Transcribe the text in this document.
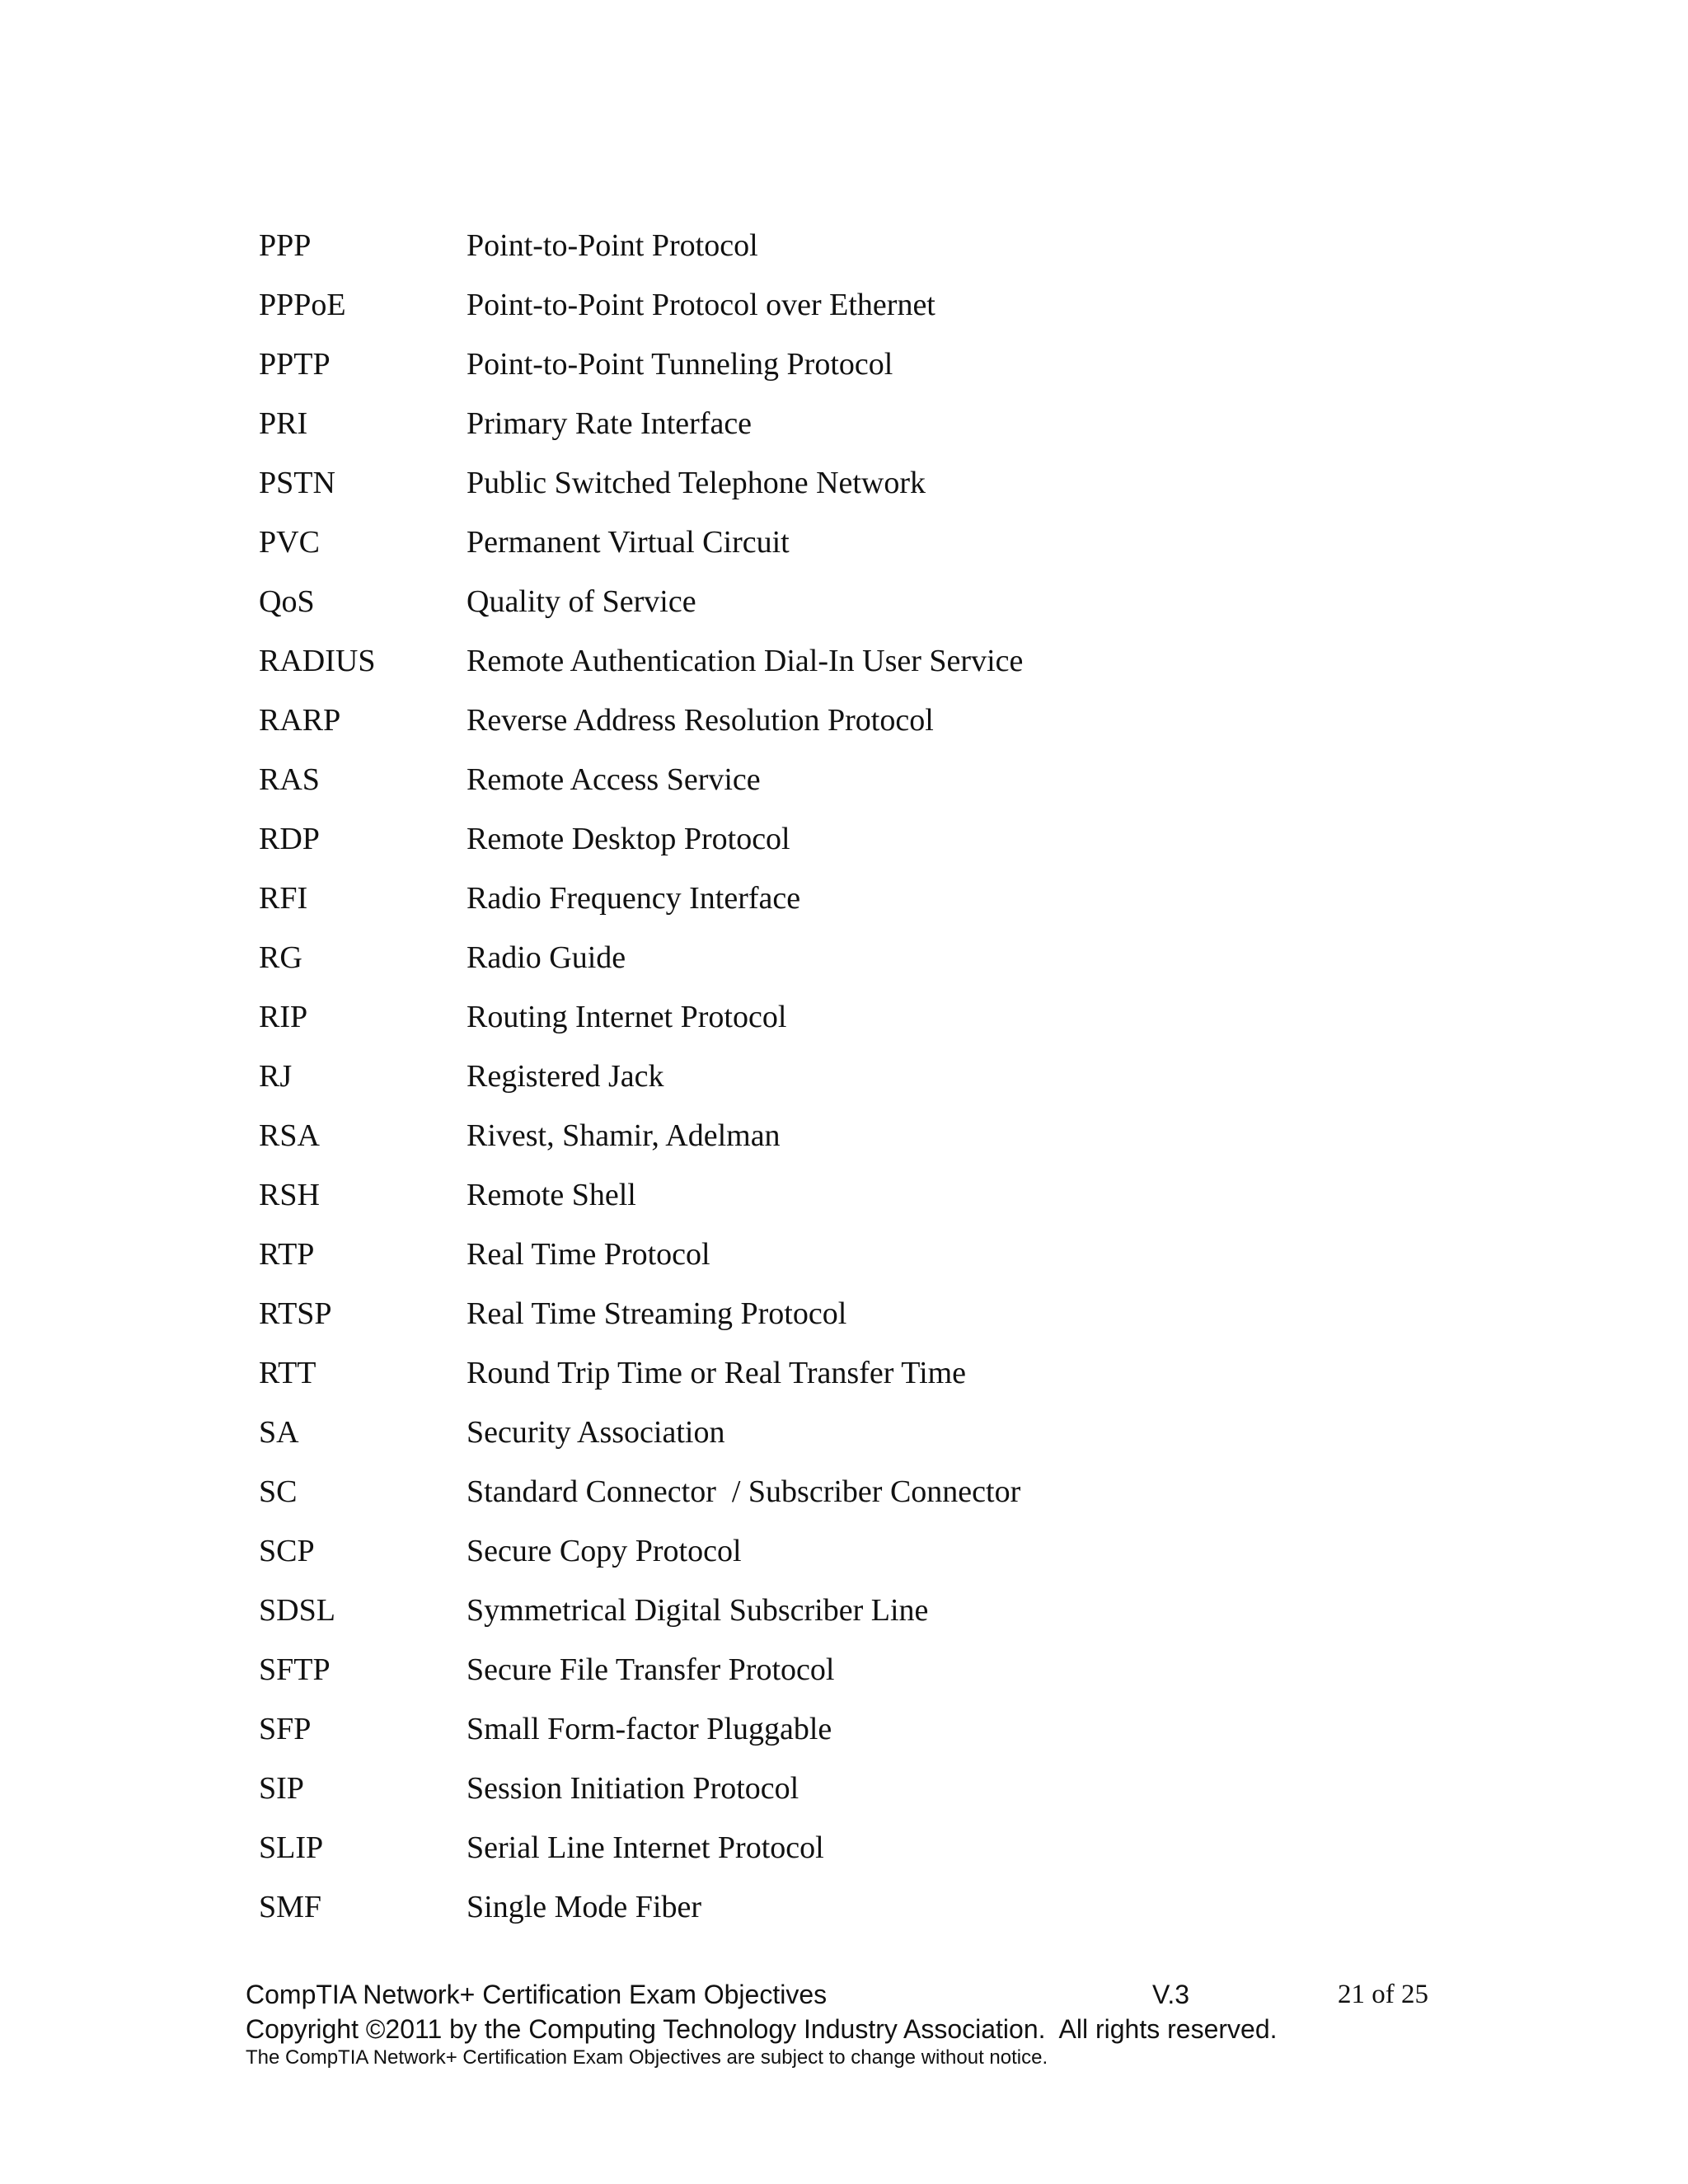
PPP	Point-to-Point Protocol
PPPoE	Point-to-Point Protocol over Ethernet
PPTP	Point-to-Point Tunneling Protocol
PRI	Primary Rate Interface
PSTN	Public Switched Telephone Network
PVC	Permanent Virtual Circuit
QoS	Quality of Service
RADIUS	Remote Authentication Dial-In User Service
RARP	Reverse Address Resolution Protocol
RAS	Remote Access Service
RDP	Remote Desktop Protocol
RFI	Radio Frequency Interface
RG	Radio Guide
RIP	Routing Internet Protocol
RJ	Registered Jack
RSA	Rivest, Shamir, Adelman
RSH	Remote Shell
RTP	Real Time Protocol
RTSP	Real Time Streaming Protocol
RTT	Round Trip Time or Real Transfer Time
SA	Security Association
SC	Standard Connector  / Subscriber Connector
SCP	Secure Copy Protocol
SDSL	Symmetrical Digital Subscriber Line
SFTP	Secure File Transfer Protocol
SFP	Small Form-factor Pluggable
SIP	Session Initiation Protocol
SLIP	Serial Line Internet Protocol
SMF	Single Mode Fiber
CompTIA Network+ Certification Exam Objectives	V.3	21 of 25
Copyright ©2011 by the Computing Technology Industry Association.  All rights reserved.
The CompTIA Network+ Certification Exam Objectives are subject to change without notice.
